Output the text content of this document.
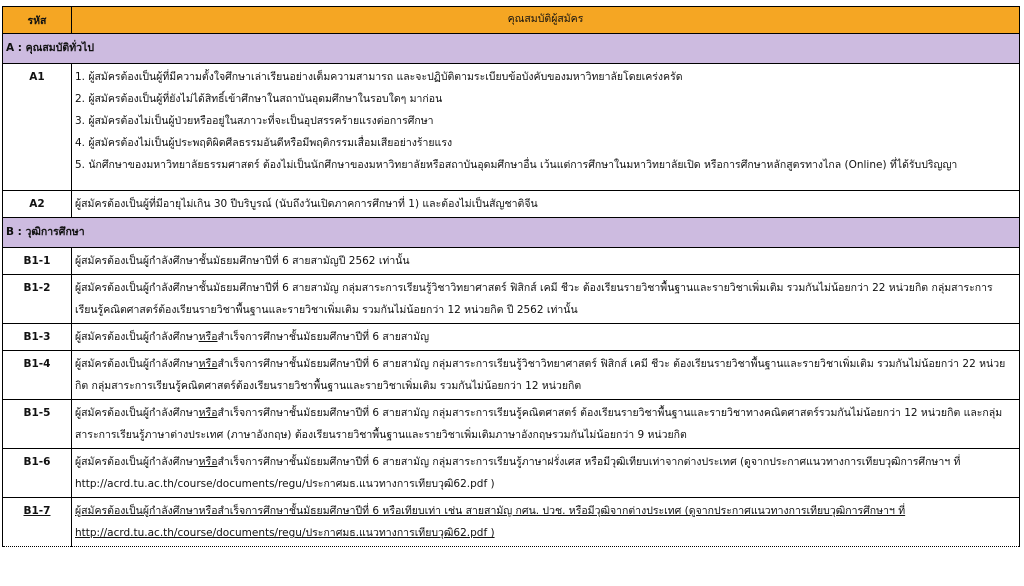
รหัส	คุณสมบัติผู้สมัคร
A : คุณสมบัติทั่วไป	
A1	1. ผู้สมัครต้องเป็นผู้ที่มีความตั้งใจศึกษาเล่าเรียนอย่างเต็มความสามารถ และจะปฏิบัติตามระเบียบข้อบังคับของมหาวิทยาลัยโดยเคร่งครัด
2. ผู้สมัครต้องเป็นผู้ที่ยังไม่ได้สิทธิ์เข้าศึกษาในสถาบันอุดมศึกษาในรอบใดๆ มาก่อน
3. ผู้สมัครต้องไม่เป็นผู้ป่วยหรืออยู่ในสภาวะที่จะเป็นอุปสรรคร้ายแรงต่อการศึกษา
4. ผู้สมัครต้องไม่เป็นผู้ประพฤติผิดศีลธรรมอันดีหรือมีพฤติกรรมเสื่อมเสียอย่างร้ายแรง
5. นักศึกษาของมหาวิทยาลัยธรรมศาสตร์ ต้องไม่เป็นนักศึกษาของมหาวิทยาลัยหรือสถาบันอุดมศึกษาอื่น เว้นแต่การศึกษาในมหาวิทยาลัยเปิด หรือการศึกษาหลักสูตรทางไกล (Online) ที่ได้รับปริญญา

A2	ผู้สมัครต้องเป็นผู้ที่มีอายุไม่เกิน 30 ปีบริบูรณ์ (นับถึงวันเปิดภาคการศึกษาที่ 1) และต้องไม่เป็นสัญชาติจีน
B : วุฒิการศึกษา	
B1-1	ผู้สมัครต้องเป็นผู้กำลังศึกษาชั้นมัธยมศึกษาปีที่ 6 สายสามัญปี 2562 เท่านั้น
B1-2	ผู้สมัครต้องเป็นผู้กำลังศึกษาชั้นมัธยมศึกษาปีที่ 6 สายสามัญ กลุ่มสาระการเรียนรู้วิชาวิทยาศาสตร์ ฟิสิกส์ เคมี ชีวะ ต้องเรียนรายวิชาพื้นฐานและรายวิชาเพิ่มเติม รวมกันไม่น้อยกว่า 22 หน่วยกิต กลุ่มสาระการ
เรียนรู้คณิตศาสตร์ต้องเรียนรายวิชาพื้นฐานและรายวิชาเพิ่มเติม รวมกันไม่น้อยกว่า 12 หน่วยกิต ปี 2562 เท่านั้น

B1-3	ผู้สมัครต้องเป็นผู้กำลังศึกษาหรือสำเร็จการศึกษาชั้นมัธยมศึกษาปีที่ 6 สายสามัญ

B1-4	ผู้สมัครต้องเป็นผู้กำลังศึกษาหรือสำเร็จการศึกษาชั้นมัธยมศึกษาปีที่ 6 สายสามัญ กลุ่มสาระการเรียนรู้วิชาวิทยาศาสตร์ ฟิสิกส์ เคมี ชีวะ ต้องเรียนรายวิชาพื้นฐานและรายวิชาเพิ่มเติม รวมกันไม่น้อยกว่า 22 หน่วย
กิต กลุ่มสาระการเรียนรู้คณิตศาสตร์ต้องเรียนรายวิชาพื้นฐานและรายวิชาเพิ่มเติม รวมกันไม่น้อยกว่า 12 หน่วยกิต

B1-5	ผู้สมัครต้องเป็นผู้กำลังศึกษาหรือสำเร็จการศึกษาชั้นมัธยมศึกษาปีที่ 6 สายสามัญ กลุ่มสาระการเรียนรู้คณิตศาสตร์ ต้องเรียนรายวิชาพื้นฐานและรายวิชาทางคณิตศาสตร์รวมกันไม่น้อยกว่า 12 หน่วยกิต และกลุ่ม
สาระการเรียนรู้ภาษาต่างประเทศ (ภาษาอังกฤษ) ต้องเรียนรายวิชาพื้นฐานและรายวิชาเพิ่มเติมภาษาอังกฤษรวมกันไม่น้อยกว่า 9 หน่วยกิต

B1-6	ผู้สมัครต้องเป็นผู้กำลังศึกษาหรือสำเร็จการศึกษาชั้นมัธยมศึกษาปีที่ 6 สายสามัญ กลุ่มสาระการเรียนรู้ภาษาฝรั่งเศส หรือมีวุฒิเทียบเท่าจากต่างประเทศ (ดูจากประกาศแนวทางการเทียบวุฒิการศึกษาฯ ที่
http://acrd.tu.ac.th/course/documents/regu/ประกาศมธ.แนวทางการเทียบวุฒิ62.pdf )

B1-7	ผู้สมัครต้องเป็นผู้กำลังศึกษาหรือสำเร็จการศึกษาชั้นมัธยมศึกษาปีที่ 6 หรือเทียบเท่า เช่น สายสามัญ กศน. ปวช. หรือมีวุฒิจากต่างประเทศ (ดูจากประกาศแนวทางการเทียบวุฒิการศึกษาฯ ที่
http://acrd.tu.ac.th/course/documents/regu/ประกาศมธ.แนวทางการเทียบวุฒิ62.pdf )
